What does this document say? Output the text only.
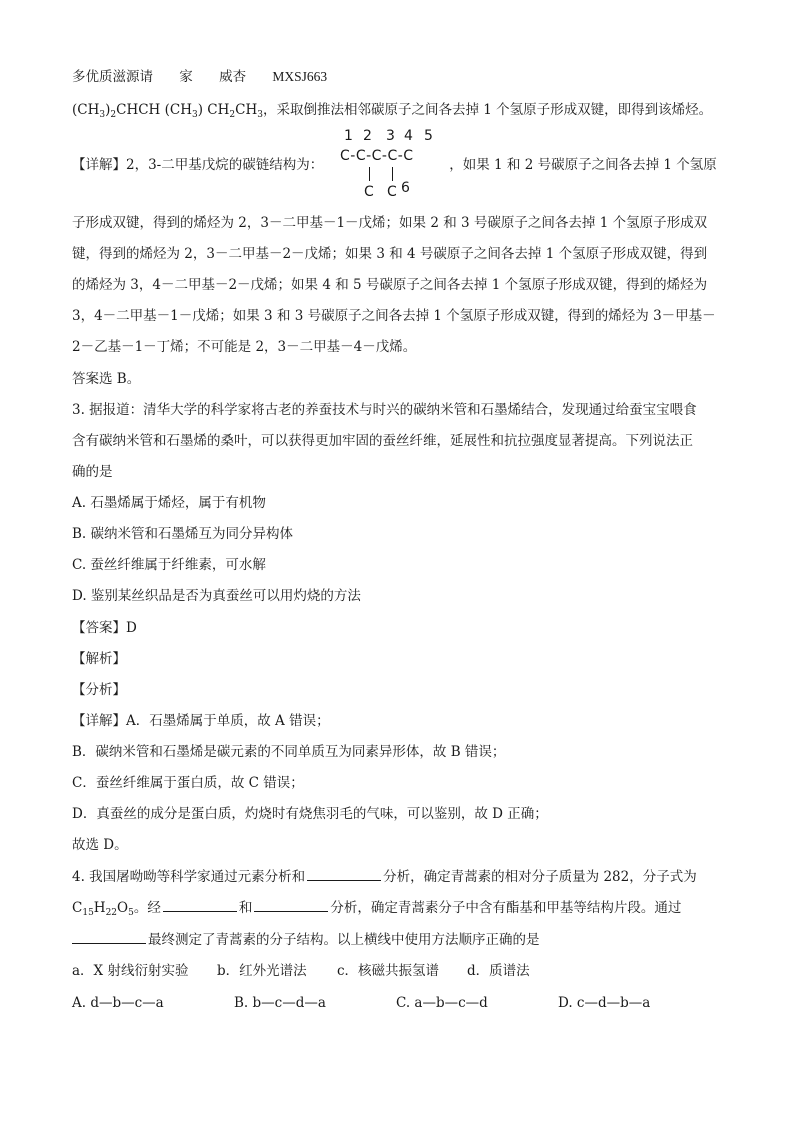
多优质滋源请 家 威杏 MXSJ663
$(CH_3)_2CHCH$ $(CH_3)$ $CH_2CH_3$，采取倒推法相邻碳原子之间各去掉 1 个氢原子形成双键，即得到该烯烃。
1 2 3 4 5
C-C-C-C-C
C C 6
【详解】2，3-二甲基戊烷的碳链结构为：	，如果 1 和 2 号碳原子之间各去掉 1 个氢原
子形成双键，得到的烯烃为 2，3－二甲基－1－戊烯；如果 2 和 3 号碳原子之间各去掉 1 个氢原子形成双
键，得到的烯烃为 2，3－二甲基－2－戊烯；如果 3 和 4 号碳原子之间各去掉 1 个氢原子形成双键，得到
的烯烃为 3，4－二甲基－2－戊烯；如果 4 和 5 号碳原子之间各去掉 1 个氢原子形成双键，得到的烯烃为
3，4－二甲基－1－戊烯；如果 3 和 3 号碳原子之间各去掉 1 个氢原子形成双键，得到的烯烃为 3－甲基－
2－乙基－1－丁烯；不可能是 2，3－二甲基－4－戊烯。
答案选 B。
3. 据报道：清华大学的科学家将古老的养蚕技术与时兴的碳纳米管和石墨烯结合，发现通过给蚕宝宝喂食
含有碳纳米管和石墨烯的桑叶，可以获得更加牢固的蚕丝纤维，延展性和抗拉强度显著提高。下列说法正
确的是
A. 石墨烯属于烯烃，属于有机物
B. 碳纳米管和石墨烯互为同分异构体
C. 蚕丝纤维属于纤维素，可水解
D. 鉴别某丝织品是否为真蚕丝可以用灼烧的方法
【答案】D
【解析】
【分析】
【详解】A．石墨烯属于单质，故 A 错误；
B．碳纳米管和石墨烯是碳元素的不同单质互为同素异形体，故 B 错误；
C．蚕丝纤维属于蛋白质，故 C 错误；
D．真蚕丝的成分是蛋白质，灼烧时有烧焦羽毛的气味，可以鉴别，故 D 正确；
故选 D。
4. 我国屠呦呦等科学家通过元素分析和	分析，确定青蒿素的相对分子质量为 282，分子式为
$C_{15}H_{22}O_5$。经	和	分析，确定青蒿素分子中含有酯基和甲基等结构片段。通过
最终测定了青蒿素的分子结构。以上横线中使用方法顺序正确的是
a．X 射线衍射实验 b．红外光谱法 c．核磁共振氢谱 d．质谱法
A. d—b—c—a	B. b—c—d—a	C. a—b—c—d	D. c—d—b—a
